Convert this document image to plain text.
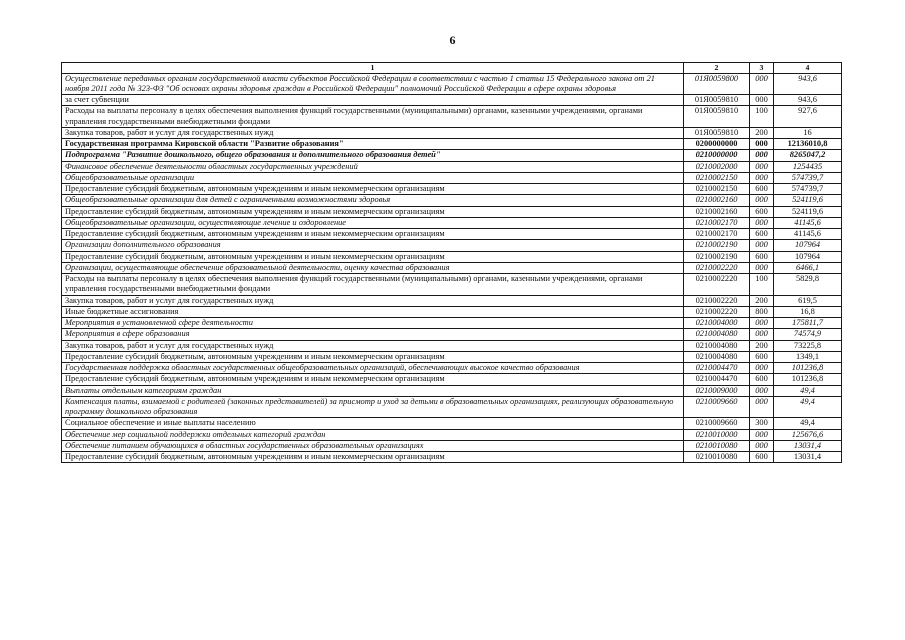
6
1	2	3	4
Осуществление переданных органам государственной власти субъектов Российской Федерации в соответствии с частью 1 статьи 15 Федерального закона от 21 ноября 2011 года № 323-ФЗ "Об основах охраны здоровья граждан в Российской Федерации" полномочий Российской Федерации в сфере охраны здоровья	01Я0059800	000	943,6
за счет субвенции	01Я0059810	000	943,6
Расходы на выплаты персоналу в целях обеспечения выполнения функций государственными (муниципальными) органами, казенными учреждениями, органами управления государственными внебюджетными фондами	01Я0059810	100	927,6
Закупка товаров, работ и услуг для государственных нужд	01Я0059810	200	16
Государственная программа Кировской области "Развитие образования"	0200000000	000	12136010,8
Подпрограмма "Развитие дошкольного, общего образования и дополнительного образования детей"	0210000000	000	8265047,2
Финансовое обеспечение деятельности областных государственных учреждений	0210002000	000	1254435
Общеобразовательные организации	0210002150	000	574739,7
Предоставление субсидий бюджетным, автономным учреждениям и иным некоммерческим организациям	0210002150	600	574739,7
Общеобразовательные организации для детей с ограниченными возможностями здоровья	0210002160	000	524119,6
Предоставление субсидий бюджетным, автономным учреждениям и иным некоммерческим организациям	0210002160	600	524119,6
Общеобразовательные организации, осуществляющие лечение и оздоровление	0210002170	000	41145,6
Предоставление субсидий бюджетным, автономным учреждениям и иным некоммерческим организациям	0210002170	600	41145,6
Организации дополнительного образования	0210002190	000	107964
Предоставление субсидий бюджетным, автономным учреждениям и иным некоммерческим организациям	0210002190	600	107964
Организации, осуществляющие обеспечение образовательной деятельности, оценку качества образования	0210002220	000	6466,1
Расходы на выплаты персоналу в целях обеспечения выполнения функций государственными (муниципальными) органами, казенными учреждениями, органами управления государственными внебюджетными фондами	0210002220	100	5829,8
Закупка товаров, работ и услуг для государственных нужд	0210002220	200	619,5
Иные бюджетные ассигнования	0210002220	800	16,8
Мероприятия в установленной сфере деятельности	0210004000	000	175811,7
Мероприятия в сфере образования	0210004080	000	74574,9
Закупка товаров, работ и услуг для государственных нужд	0210004080	200	73225,8
Предоставление субсидий бюджетным, автономным учреждениям и иным некоммерческим организациям	0210004080	600	1349,1
Государственная поддержка областных государственных общеобразовательных организаций, обеспечивающих высокое качество образования	0210004470	000	101236,8
Предоставление субсидий бюджетным, автономным учреждениям и иным некоммерческим организациям	0210004470	600	101236,8
Выплаты отдельным категориям граждан	0210009000	000	49,4
Компенсация платы, взимаемой с родителей (законных представителей) за присмотр и уход за детьми в образовательных организациях, реализующих образовательную программу дошкольного образования	0210009660	000	49,4
Социальное обеспечение и иные выплаты населению	0210009660	300	49,4
Обеспечение мер социальной поддержки отдельных категорий граждан	0210010000	000	125676,6
Обеспечение питанием обучающихся в областных государственных образовательных организациях	0210010080	000	13031,4
Предоставление субсидий бюджетным, автономным учреждениям и иным некоммерческим организациям	0210010080	600	13031,4
